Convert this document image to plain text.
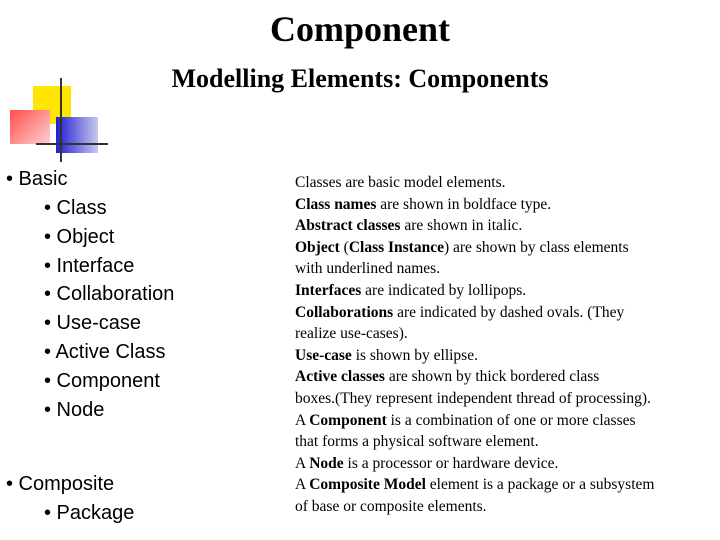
Component
Modelling Elements: Components
• Basic
• Class
• Object
• Interface
• Collaboration
• Use-case
• Active Class
• Component
• Node
• Composite
• Package
Classes are basic model elements.
Class names are shown in boldface type.
Abstract classes are shown in italic.
Object (Class Instance) are shown by class elements
with underlined names.
Interfaces are indicated by lollipops.
Collaborations are indicated by dashed ovals. (They
realize use-cases).
Use-case is shown by ellipse.
Active classes are shown by thick bordered class
boxes.(They represent independent thread of processing).
A Component is a combination of one or more classes
that forms a physical software element.
A Node is a processor or hardware device.
A Composite Model element is a package or a subsystem
of base or composite elements.
